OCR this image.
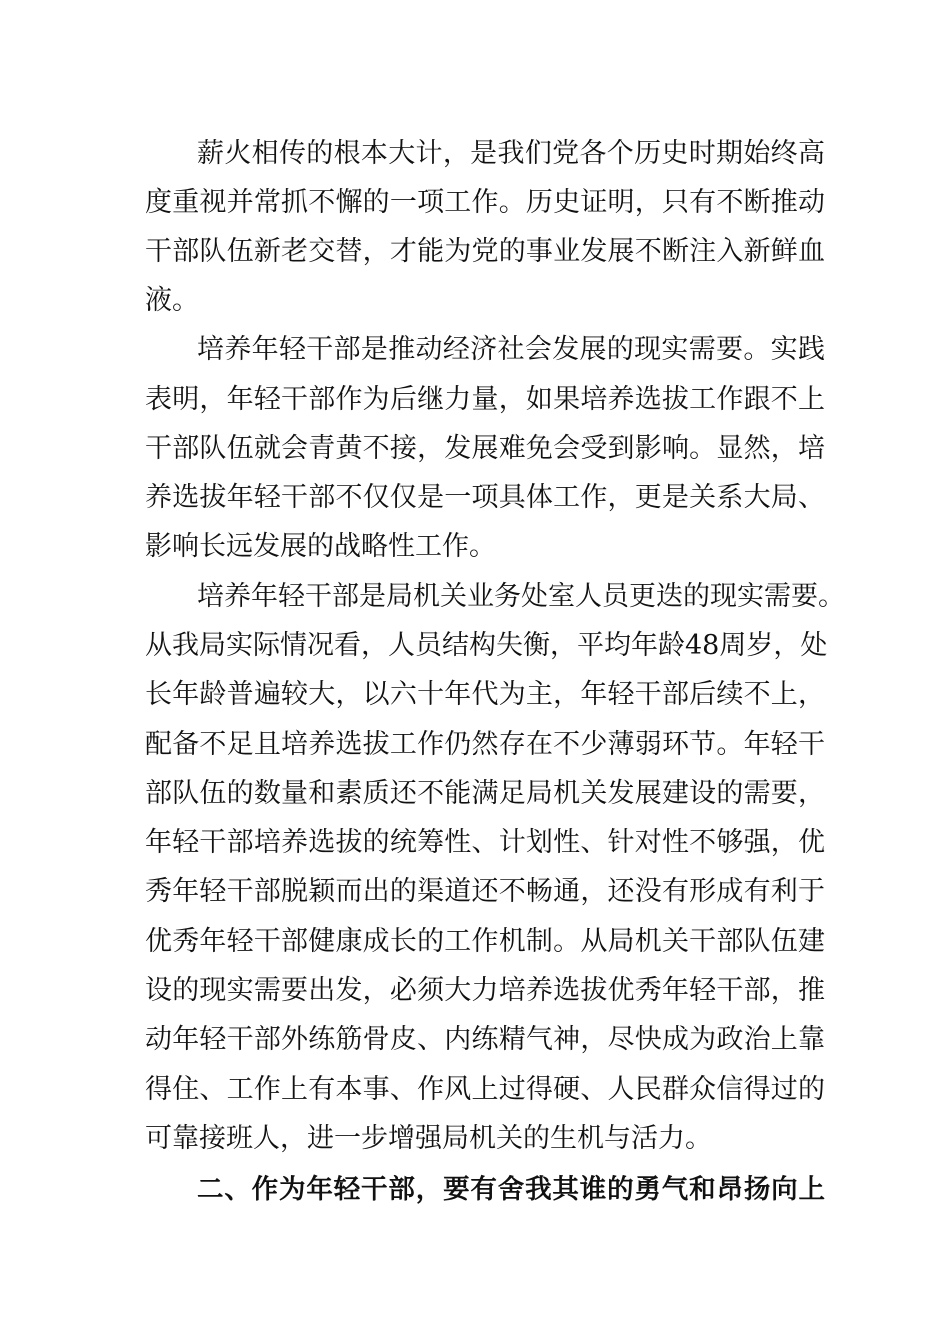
薪火相传的根本大计，是我们党各个历史时期始终高
度重视并常抓不懈的一项工作。历史证明，只有不断推动
干部队伍新老交替，才能为党的事业发展不断注入新鲜血
液。
培养年轻干部是推动经济社会发展的现实需要。实践
表明，年轻干部作为后继力量，如果培养选拔工作跟不上
干部队伍就会青黄不接，发展难免会受到影响。显然，培
养选拔年轻干部不仅仅是一项具体工作，更是关系大局、
影响长远发展的战略性工作。
培养年轻干部是局机关业务处室人员更迭的现实需要。
从我局实际情况看，人员结构失衡，平均年龄48周岁，处
长年龄普遍较大，以六十年代为主，年轻干部后续不上，
配备不足且培养选拔工作仍然存在不少薄弱环节。年轻干
部队伍的数量和素质还不能满足局机关发展建设的需要，
年轻干部培养选拔的统筹性、计划性、针对性不够强，优
秀年轻干部脱颖而出的渠道还不畅通，还没有形成有利于
优秀年轻干部健康成长的工作机制。从局机关干部队伍建
设的现实需要出发，必须大力培养选拔优秀年轻干部，推
动年轻干部外练筋骨皮、内练精气神，尽快成为政治上靠
得住、工作上有本事、作风上过得硬、人民群众信得过的
可靠接班人，进一步增强局机关的生机与活力。
二、作为年轻干部，要有舍我其谁的勇气和昂扬向上
